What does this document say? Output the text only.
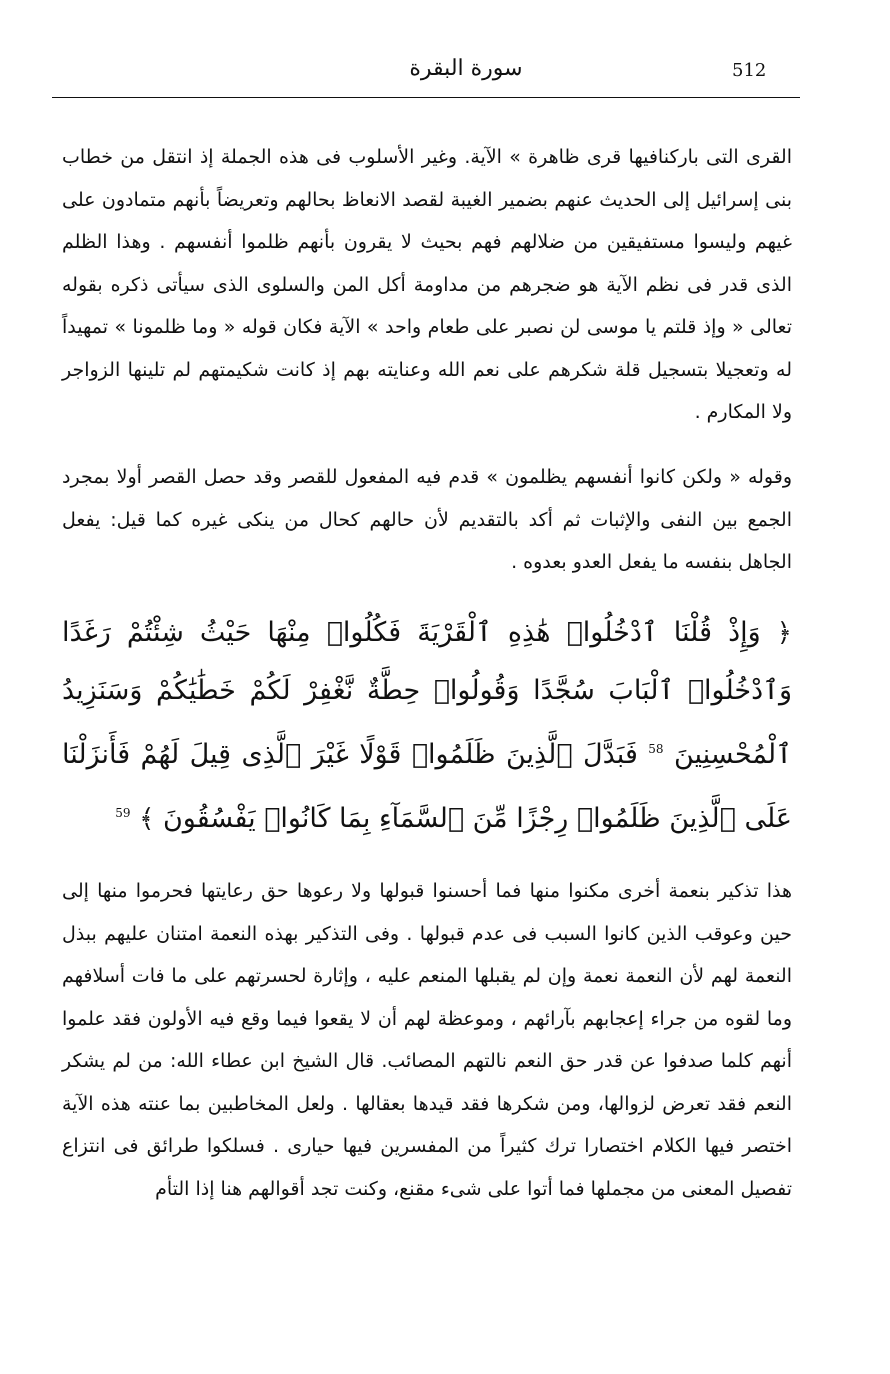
512
سورة البقرة

القرى التى باركنافيها قرى ظاهرة » الآية. وغير الأسلوب فى هذه الجملة إذ انتقل من خطاب بنى إسرائيل إلى الحديث عنهم بضمير الغيبة لقصد الانعاظ بحالهم وتعريضاً بأنهم متمادون على غيهم وليسوا مستفيقين من ضلالهم فهم بحيث لا يقرون بأنهم ظلموا أنفسهم . وهذا الظلم الذى قدر فى نظم الآية هو ضجرهم من مداومة أكل المن والسلوى الذى سيأتى ذكره بقوله تعالى « وإذ قلتم يا موسى لن نصبر على طعام واحد » الآية فكان قوله « وما ظلمونا » تمهيداً له وتعجيلا بتسجيل قلة شكرهم على نعم الله وعنايته بهم إذ كانت شكيمتهم لم تلينها الزواجر ولا المكارم .

وقوله « ولكن كانوا أنفسهم يظلمون » قدم فيه المفعول للقصر وقد حصل القصر أولا بمجرد الجمع بين النفى والإثبات ثم أكد بالتقديم لأن حالهم كحال من ينكى غيره كما قيل: يفعل الجاهل بنفسه ما يفعل العدو بعدوه .

﴿ وَإِذْ قُلْنَا ٱدْخُلُوا۟ هَٰذِهِ ٱلْقَرْيَةَ فَكُلُوا۟ مِنْهَا حَيْثُ شِئْتُمْ رَغَدًا وَٱدْخُلُوا۟ ٱلْبَابَ سُجَّدًا وَقُولُوا۟ حِطَّةٌ نَّغْفِرْ لَكُمْ خَطَٰيَٰكُمْ وَسَنَزِيدُ ٱلْمُحْسِنِينَ $^{58}$ فَبَدَّلَ ٱلَّذِينَ ظَلَمُوا۟ قَوْلًا غَيْرَ ٱلَّذِى قِيلَ لَهُمْ فَأَنزَلْنَا عَلَى ٱلَّذِينَ ظَلَمُوا۟ رِجْزًا مِّنَ ٱلسَّمَآءِ بِمَا كَانُوا۟ يَفْسُقُونَ ﴾ $^{59}$

هذا تذكير بنعمة أخرى مكنوا منها فما أحسنوا قبولها ولا رعوها حق رعايتها فحرموا منها إلى حين وعوقب الذين كانوا السبب فى عدم قبولها . وفى التذكير بهذه النعمة امتنان عليهم ببذل النعمة لهم لأن النعمة نعمة وإن لم يقبلها المنعم عليه ، وإثارة لحسرتهم على ما فات أسلافهم وما لقوه من جراء إعجابهم بآرائهم ، وموعظة لهم أن لا يقعوا فيما وقع فيه الأولون فقد علموا أنهم كلما صدفوا عن قدر حق النعم نالتهم المصائب. قال الشيخ ابن عطاء الله: من لم يشكر النعم فقد تعرض لزوالها، ومن شكرها فقد قيدها بعقالها . ولعل المخاطبين بما عنته هذه الآية اختصر فيها الكلام اختصارا ترك كثيراً من المفسرين فيها حيارى . فسلكوا طرائق فى انتزاع تفصيل المعنى من مجملها فما أتوا على شىء مقنع، وكنت تجد أقوالهم هنا إذا التأم
